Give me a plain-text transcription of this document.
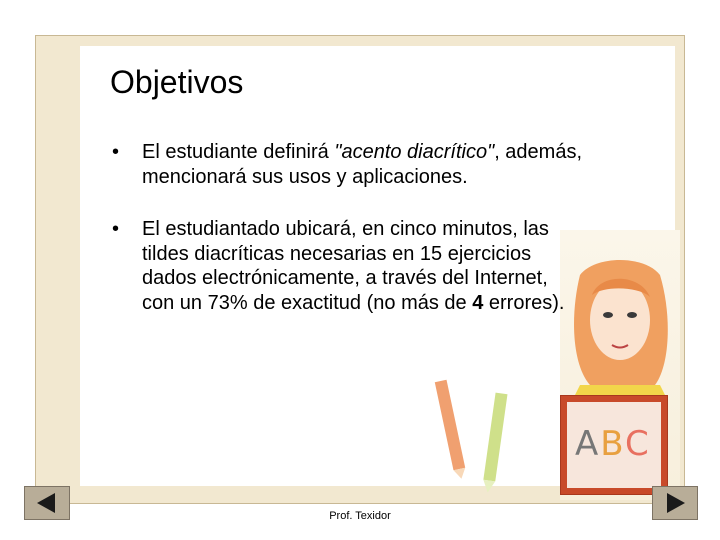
ABC
Objetivos
• El estudiante definirá "acento diacrítico", además, mencionará sus usos y aplicaciones.
• El estudiantado ubicará, en cinco minutos, las tildes diacríticas necesarias en 15 ejercicios dados electrónicamente, a través del Internet, con un 73% de exactitud (no más de 4 errores).
Prof. Texidor
